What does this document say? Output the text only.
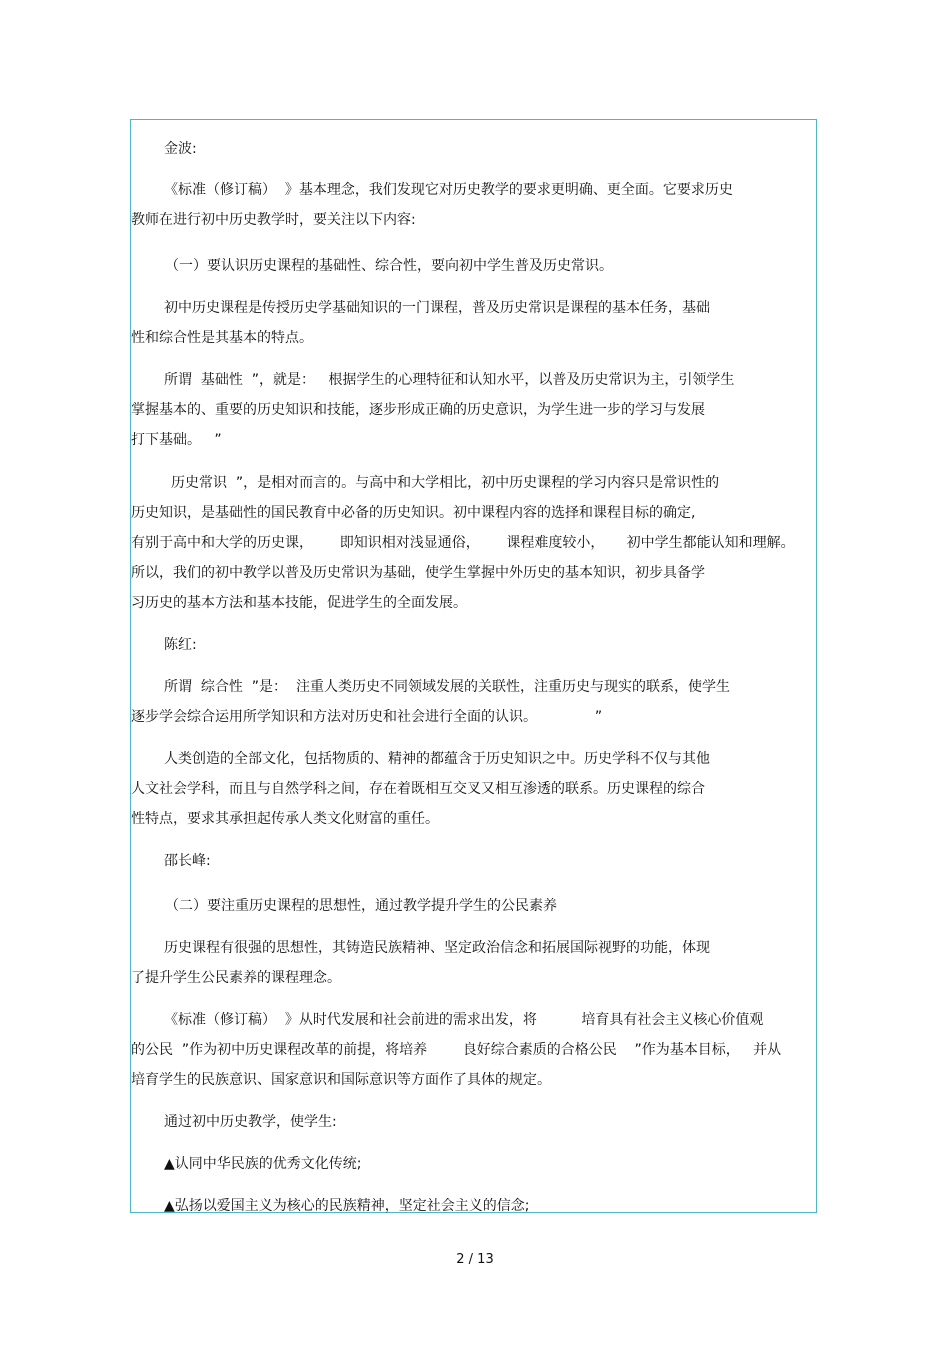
金波:
《标准（修订稿）  》基本理念，我们发现它对历史教学的要求更明确、更全面。它要求历史
教师在进行初中历史教学时，要关注以下内容:
（一）要认识历史课程的基础性、综合性，要向初中学生普及历史常识。
初中历史课程是传授历史学基础知识的一门课程，普及历史常识是课程的基本任务，基础
性和综合性是其基本的特点。
所谓  基础性  ”，就是：   根据学生的心理特征和认知水平，以普及历史常识为主，引领学生
掌握基本的、重要的历史知识和技能，逐步形成正确的历史意识，为学生进一步的学习与发展
打下基础。   ”
历史常识  ”，是相对而言的。与高中和大学相比，初中历史课程的学习内容只是常识性的
历史知识，是基础性的国民教育中必备的历史知识。初中课程内容的选择和课程目标的确定,
有别于高中和大学的历史课，      即知识相对浅显通俗，      课程难度较小，     初中学生都能认知和理解。
所以，我们的初中教学以普及历史常识为基础，使学生掌握中外历史的基本知识，初步具备学
习历史的基本方法和基本技能，促进学生的全面发展。
陈红:
所谓  综合性  ”是：  注重人类历史不同领域发展的关联性，注重历史与现实的联系，使学生
逐步学会综合运用所学知识和方法对历史和社会进行全面的认识。             ”
人类创造的全部文化，包括物质的、精神的都蕴含于历史知识之中。历史学科不仅与其他
人文社会学科，而且与自然学科之间，存在着既相互交叉又相互渗透的联系。历史课程的综合
性特点，要求其承担起传承人类文化财富的重任。
邵长峰:
（二）要注重历史课程的思想性，通过教学提升学生的公民素养
历史课程有很强的思想性，其铸造民族精神、坚定政治信念和拓展国际视野的功能，体现
了提升学生公民素养的课程理念。
《标准（修订稿）  》从时代发展和社会前进的需求出发，将          培育具有社会主义核心价值观
的公民  ”作为初中历史课程改革的前提，将培养        良好综合素质的合格公民    ”作为基本目标，   并从
培育学生的民族意识、国家意识和国际意识等方面作了具体的规定。
通过初中历史教学，使学生:
▲认同中华民族的优秀文化传统;
▲弘扬以爱国主义为核心的民族精神，坚定社会主义的信念;
2 / 13
